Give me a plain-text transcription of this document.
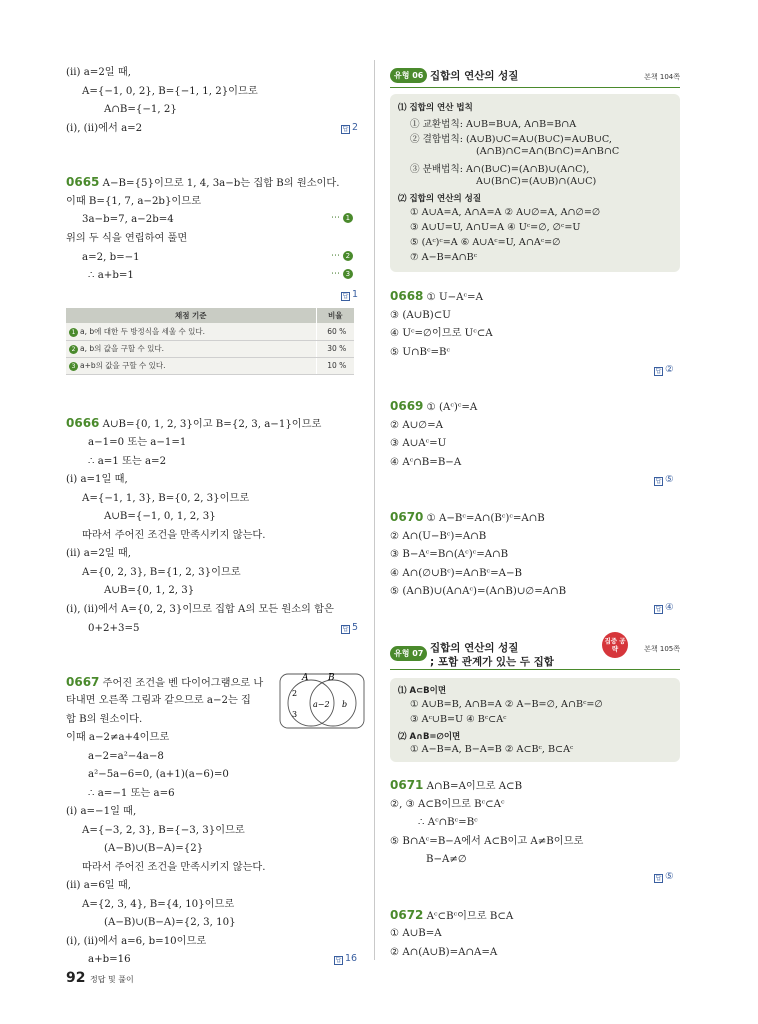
(ii) a=2일 때,
A={−1, 0, 2}, B={−1, 1, 2}이므로
A∩B={−1, 2}
(i), (ii)에서 a=2	답 2
0665 A−B={5}이므로 1, 4, 3a−b는 집합 B의 원소이다.
이때 B={1, 7, a−2b}이므로
3a−b=7, a−2b=4	⋯ 1
위의 두 식을 연립하여 풀면
a=2, b=−1	⋯ 2
∴ a+b=1	⋯ 3
답 1
채점 기준	비율
1 a, b에 대한 두 방정식을 세울 수 있다.	60 %
2 a, b의 값을 구할 수 있다.	30 %
3 a+b의 값을 구할 수 있다.	10 %
0666 A∪B={0, 1, 2, 3}이고 B={2, 3, a−1}이므로
a−1=0 또는 a−1=1
∴ a=1 또는 a=2
(i) a=1일 때,
A={−1, 1, 3}, B={0, 2, 3}이므로
A∪B={−1, 0, 1, 2, 3}
따라서 주어진 조건을 만족시키지 않는다.
(ii) a=2일 때,
A={0, 2, 3}, B={1, 2, 3}이므로
A∪B={0, 1, 2, 3}
(i), (ii)에서 A={0, 2, 3}이므로 집합 A의 모든 원소의 합은
0+2+3=5	답 5
0667 주어진 조건을 벤 다이어그램으로 나
타내면 오른쪽 그림과 같으므로 a−2는 집
합 B의 원소이다.
A B
2
3
a−2 b
이때 a−2≠a+4이므로
a−2=a²−4a−8
a²−5a−6=0, (a+1)(a−6)=0
∴ a=−1 또는 a=6
(i) a=−1일 때,
A={−3, 2, 3}, B={−3, 3}이므로
(A−B)∪(B−A)={2}
따라서 주어진 조건을 만족시키지 않는다.
(ii) a=6일 때,
A={2, 3, 4}, B={4, 10}이므로
(A−B)∪(B−A)={2, 3, 10}
(i), (ii)에서 a=6, b=10이므로
a+b=16	답 16
유형 06 집합의 연산의 성질	본책 104쪽
⑴ 집합의 연산 법칙
① 교환법칙: A∪B=B∪A, A∩B=B∩A
② 결합법칙: (A∪B)∪C=A∪(B∪C)=A∪B∪C,
(A∩B)∩C=A∩(B∩C)=A∩B∩C
③ 분배법칙: A∩(B∪C)=(A∩B)∪(A∩C),
A∪(B∩C)=(A∪B)∩(A∪C)
⑵ 집합의 연산의 성질
① A∪A=A, A∩A=A ② A∪∅=A, A∩∅=∅
③ A∪U=U, A∩U=A ④ Uᶜ=∅, ∅ᶜ=U
⑤ (Aᶜ)ᶜ=A ⑥ A∪Aᶜ=U, A∩Aᶜ=∅
⑦ A−B=A∩Bᶜ
0668 ① U−Aᶜ=A
③ (A∪B)⊂U
④ Uᶜ=∅이므로 Uᶜ⊂A
⑤ U∩Bᶜ=Bᶜ
답 ②
0669 ① (Aᶜ)ᶜ=A
② A∪∅=A
③ A∪Aᶜ=U
④ Aᶜ∩B=B−A
답 ⑤
0670 ① A−Bᶜ=A∩(Bᶜ)ᶜ=A∩B
② A∩(U−Bᶜ)=A∩B
③ B−Aᶜ=B∩(Aᶜ)ᶜ=A∩B
④ A∩(∅∪Bᶜ)=A∩Bᶜ=A−B
⑤ (A∩B)∪(A∩Aᶜ)=(A∩B)∪∅=A∩B
답 ④
유형 07 집합의 연산의 성질
; 포함 관계가 있는 두 집합
본책 105쪽
집중 공략
⑴ A⊂B이면
① A∪B=B, A∩B=A ② A−B=∅, A∩Bᶜ=∅
③ Aᶜ∪B=U ④ Bᶜ⊂Aᶜ
⑵ A∩B=∅이면
① A−B=A, B−A=B ② A⊂Bᶜ, B⊂Aᶜ
0671 A∩B=A이므로 A⊂B
②, ③ A⊂B이므로 Bᶜ⊂Aᶜ
∴ Aᶜ∩Bᶜ=Bᶜ
⑤ B∩Aᶜ=B−A에서 A⊂B이고 A≠B이므로
B−A≠∅
답 ⑤
0672 Aᶜ⊂Bᶜ이므로 B⊂A
① A∪B=A
② A∩(A∪B)=A∩A=A
92 정답 및 풀이
